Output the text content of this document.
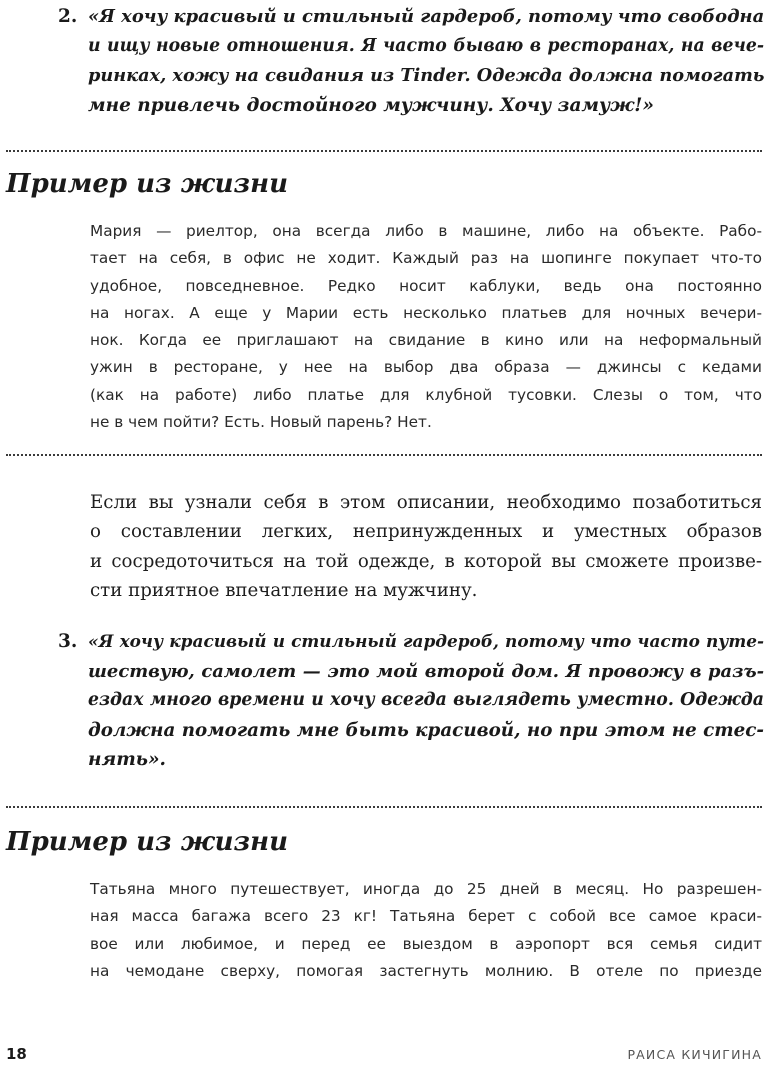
2. «Я хочу красивый и стильный гардероб, потому что свободна
и ищу новые отношения. Я часто бываю в ресторанах, на вече-
ринках, хожу на свидания из Tinder. Одежда должна помогать
мне привлечь достойного мужчину. Хочу замуж!»
Пример из жизни
Мария — риелтор, она всегда либо в машине, либо на объекте. Рабо-
тает на себя, в офис не ходит. Каждый раз на шопинге покупает что-то
удобное, повседневное. Редко носит каблуки, ведь она постоянно
на ногах. А еще у Марии есть несколько платьев для ночных вечери-
нок. Когда ее приглашают на свидание в кино или на неформальный
ужин в ресторане, у нее на выбор два образа — джинсы с кедами
(как на работе) либо платье для клубной тусовки. Слезы о том, что
не в чем пойти? Есть. Новый парень? Нет.
Если вы узнали себя в этом описании, необходимо позаботиться
о составлении легких, непринужденных и уместных образов
и сосредоточиться на той одежде, в которой вы сможете произве-
сти приятное впечатление на мужчину.
3. «Я хочу красивый и стильный гардероб, потому что часто путе-
шествую, самолет — это мой второй дом. Я провожу в разъ-
ездах много времени и хочу всегда выглядеть уместно. Одежда
должна помогать мне быть красивой, но при этом не стес-
нять».
Пример из жизни
Татьяна много путешествует, иногда до 25 дней в месяц. Но разрешен-
ная масса багажа всего 23 кг! Татьяна берет с собой все самое краси-
вое или любимое, и перед ее выездом в аэропорт вся семья сидит
на чемодане сверху, помогая застегнуть молнию. В отеле по приезде
18	РАИСА КИЧИГИНА
